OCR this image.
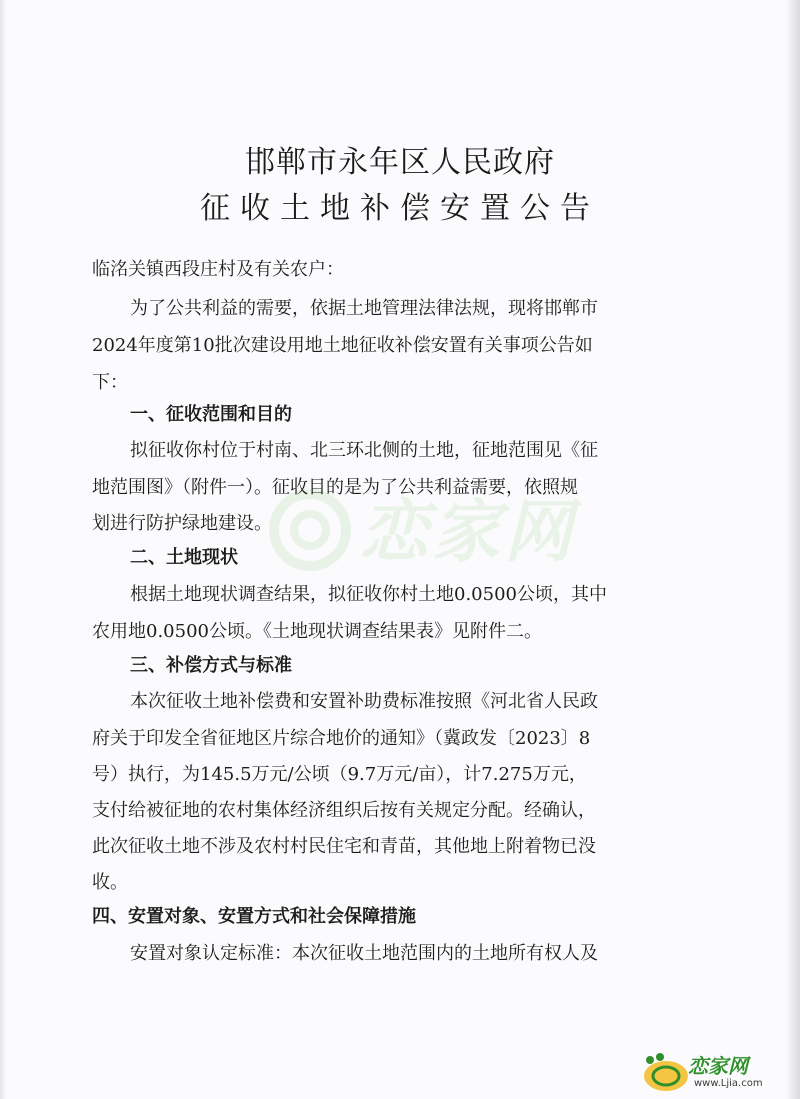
恋家网
邯郸市永年区人民政府
征收土地补偿安置公告
临洺关镇西段庄村及有关农户：
为了公共利益的需要，依据土地管理法律法规，现将邯郸市
2024年度第10批次建设用地土地征收补偿安置有关事项公告如
下：
一、征收范围和目的
拟征收你村位于村南、北三环北侧的土地，征地范围见《征
地范围图》（附件一）。征收目的是为了公共利益需要，依照规
划进行防护绿地建设。
二、土地现状
根据土地现状调查结果，拟征收你村土地0.0500公顷，其中
农用地0.0500公顷。《土地现状调查结果表》见附件二。
三、补偿方式与标准
本次征收土地补偿费和安置补助费标准按照《河北省人民政
府关于印发全省征地区片综合地价的通知》（冀政发〔2023〕8
号）执行，为145.5万元/公顷（9.7万元/亩），计7.275万元，
支付给被征地的农村集体经济组织后按有关规定分配。经确认，
此次征收土地不涉及农村村民住宅和青苗，其他地上附着物已没
收。
四、安置对象、安置方式和社会保障措施
安置对象认定标准：本次征收土地范围内的土地所有权人及
恋家网
www.Ljia.com
